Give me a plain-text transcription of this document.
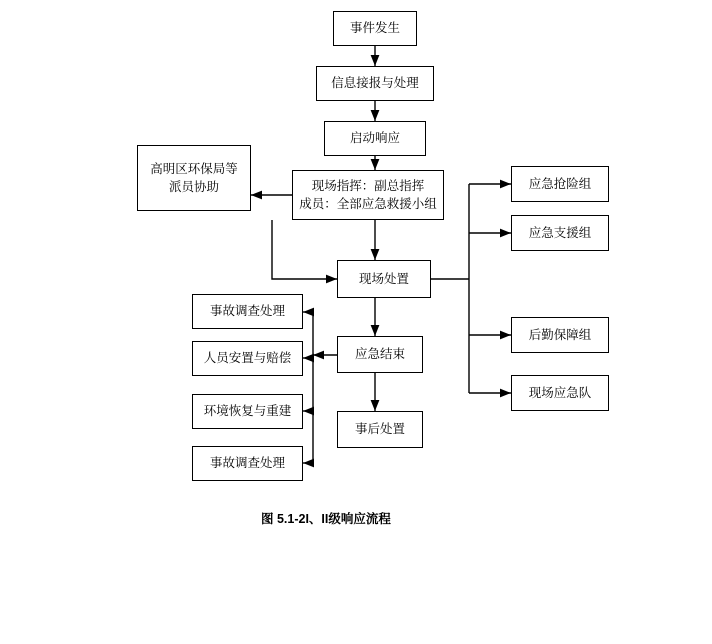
事件发生
信息接报与处理
启动响应
现场指挥：副总指挥
成员：全部应急救援小组
高明区环保局等
派员协助
现场处置
应急抢险组
应急支援组
后勤保障组
现场应急队
应急结束
事后处置
事故调查处理
人员安置与赔偿
环境恢复与重建
事故调查处理
图 5.1-2I、II级响应流程
